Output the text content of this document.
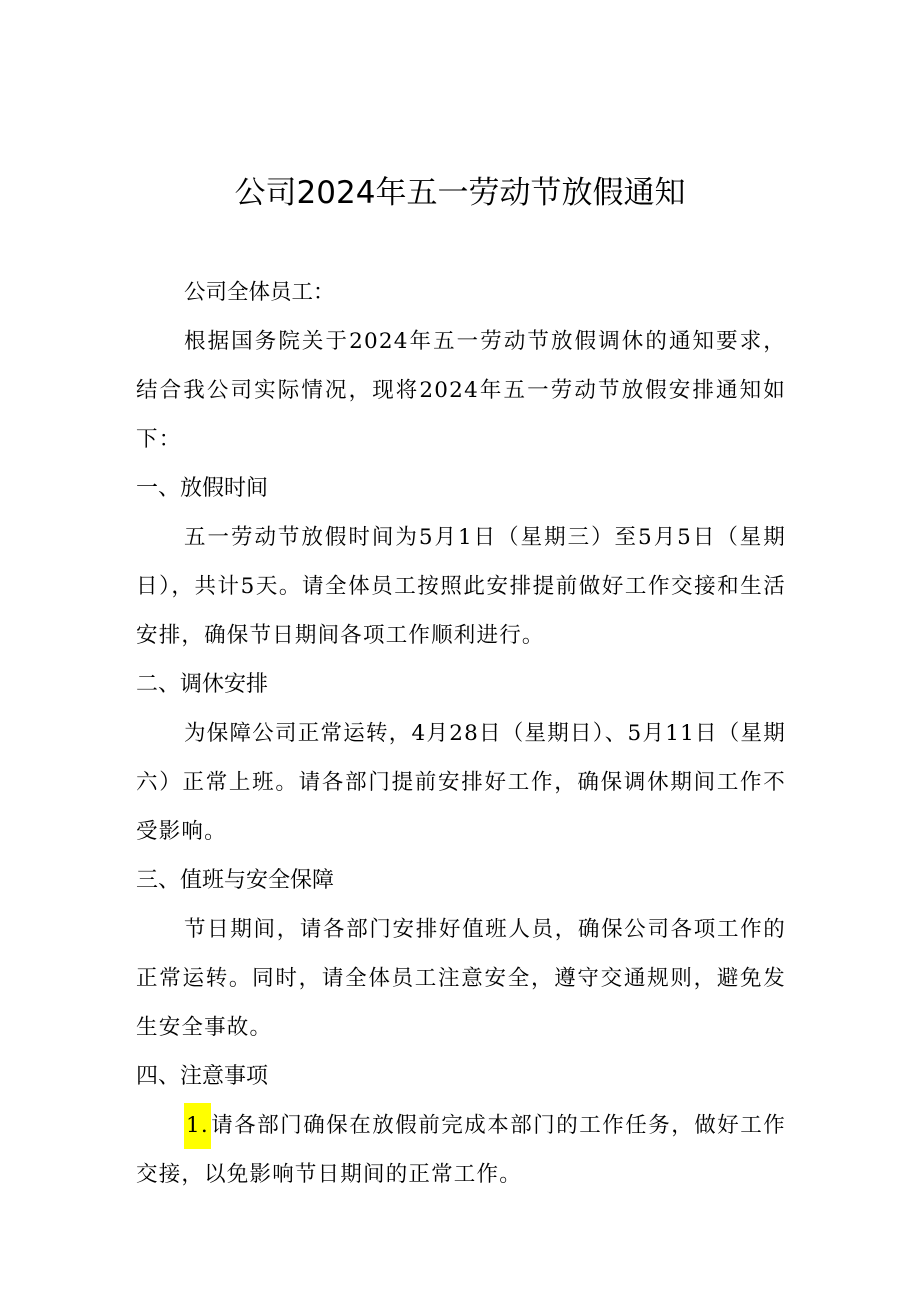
公司2024年五一劳动节放假通知

公司全体员工：

根据国务院关于2024年五一劳动节放假调休的通知要求，结合我公司实际情况，现将2024年五一劳动节放假安排通知如下：

一、放假时间

五一劳动节放假时间为5月1日（星期三）至5月5日（星期日），共计5天。请全体员工按照此安排提前做好工作交接和生活安排，确保节日期间各项工作顺利进行。

二、调休安排

为保障公司正常运转，4月28日（星期日）、5月11日（星期六）正常上班。请各部门提前安排好工作，确保调休期间工作不受影响。

三、值班与安全保障

节日期间，请各部门安排好值班人员，确保公司各项工作的正常运转。同时，请全体员工注意安全，遵守交通规则，避免发生安全事故。

四、注意事项

1.请各部门确保在放假前完成本部门的工作任务，做好工作交接，以免影响节日期间的正常工作。
